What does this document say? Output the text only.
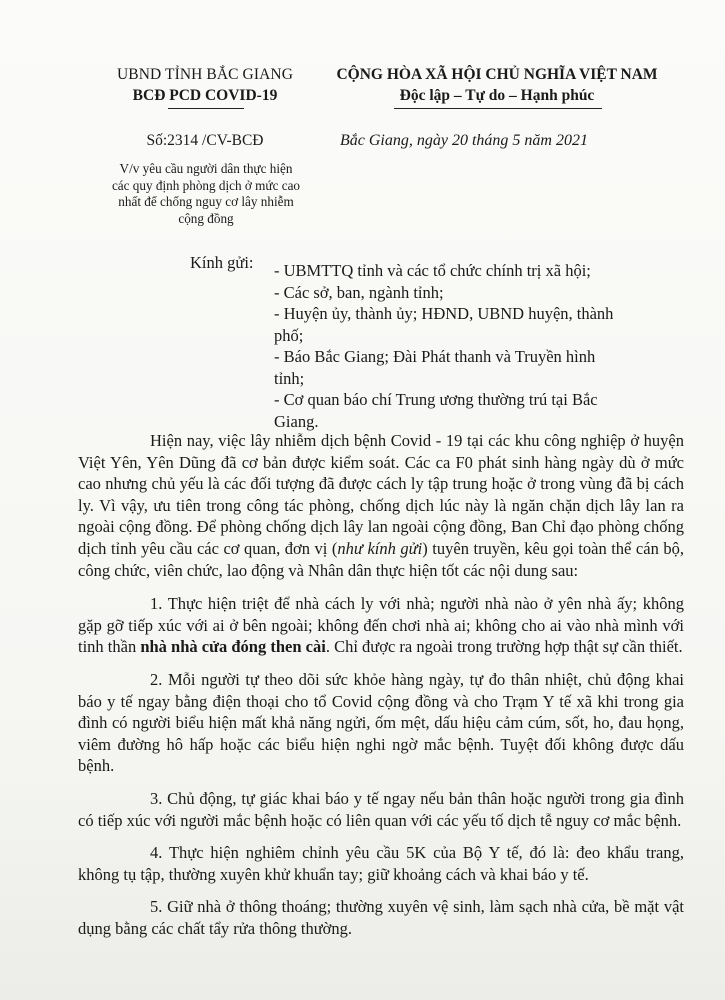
UBND TỈNH BẮC GIANG
BCĐ PCD COVID-19
CỘNG HÒA XÃ HỘI CHỦ NGHĨA VIỆT NAM
Độc lập – Tự do – Hạnh phúc
Số:2314 /CV-BCĐ	Bắc Giang, ngày 20 tháng 5 năm 2021
V/v yêu cầu người dân thực hiện
các quy định phòng dịch ở mức cao
nhất để chống nguy cơ lây nhiễm
cộng đồng
Kính gửi: - UBMTTQ tỉnh và các tổ chức chính trị xã hội;
- Các sở, ban, ngành tỉnh;
- Huyện ủy, thành ủy; HĐND, UBND huyện, thành phố;
- Báo Bắc Giang; Đài Phát thanh và Truyền hình tỉnh;
- Cơ quan báo chí Trung ương thường trú tại Bắc Giang.

Hiện nay, việc lây nhiễm dịch bệnh Covid - 19 tại các khu công nghiệp ở huyện Việt Yên, Yên Dũng đã cơ bản được kiểm soát. Các ca F0 phát sinh hàng ngày dù ở mức cao nhưng chủ yếu là các đối tượng đã được cách ly tập trung hoặc ở trong vùng đã bị cách ly. Vì vậy, ưu tiên trong công tác phòng, chống dịch lúc này là ngăn chặn dịch lây lan ra ngoài cộng đồng. Để phòng chống dịch lây lan ngoài cộng đồng, Ban Chỉ đạo phòng chống dịch tỉnh yêu cầu các cơ quan, đơn vị (như kính gửi) tuyên truyền, kêu gọi toàn thể cán bộ, công chức, viên chức, lao động và Nhân dân thực hiện tốt các nội dung sau:

1. Thực hiện triệt để nhà cách ly với nhà; người nhà nào ở yên nhà ấy; không gặp gỡ tiếp xúc với ai ở bên ngoài; không đến chơi nhà ai; không cho ai vào nhà mình với tinh thần nhà nhà cửa đóng then cài. Chỉ được ra ngoài trong trường hợp thật sự cần thiết.

2. Mỗi người tự theo dõi sức khỏe hàng ngày, tự đo thân nhiệt, chủ động khai báo y tế ngay bằng điện thoại cho tổ Covid cộng đồng và cho Trạm Y tế xã khi trong gia đình có người biểu hiện mất khả năng ngửi, ốm mệt, dấu hiệu cảm cúm, sốt, ho, đau họng, viêm đường hô hấp hoặc các biểu hiện nghi ngờ mắc bệnh. Tuyệt đối không được dấu bệnh.

3. Chủ động, tự giác khai báo y tế ngay nếu bản thân hoặc người trong gia đình có tiếp xúc với người mắc bệnh hoặc có liên quan với các yếu tố dịch tễ nguy cơ mắc bệnh.

4. Thực hiện nghiêm chỉnh yêu cầu 5K của Bộ Y tế, đó là: đeo khẩu trang, không tụ tập, thường xuyên khử khuẩn tay; giữ khoảng cách và khai báo y tế.

5. Giữ nhà ở thông thoáng; thường xuyên vệ sinh, làm sạch nhà cửa, bề mặt vật dụng bằng các chất tẩy rửa thông thường.
